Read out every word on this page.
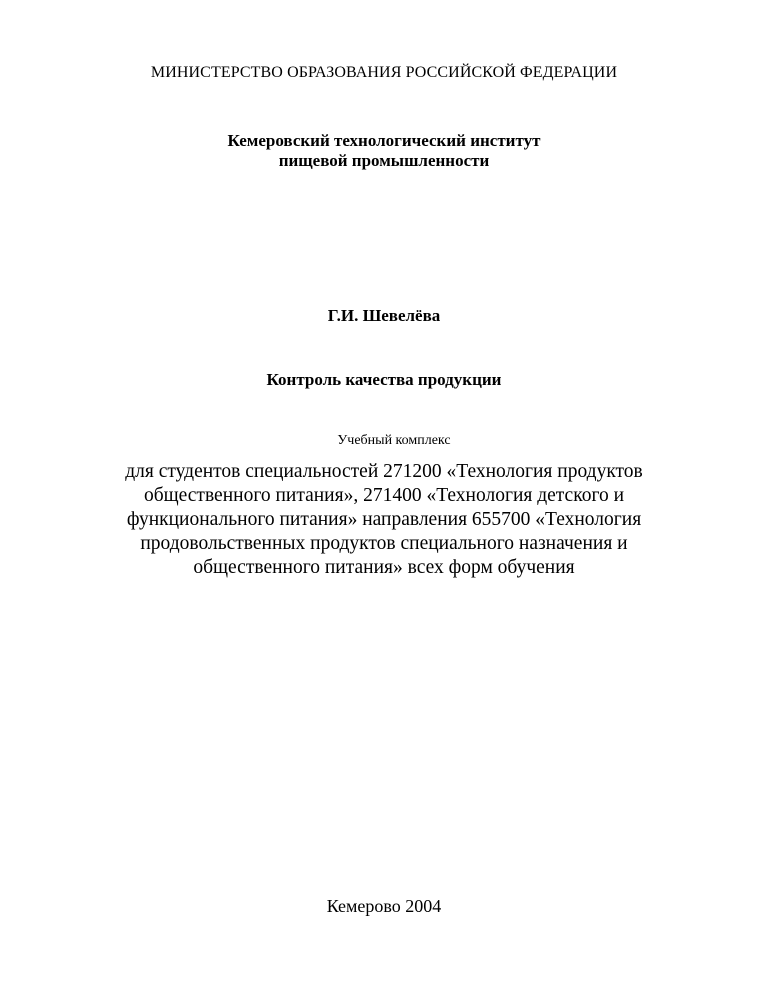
МИНИСТЕРСТВО ОБРАЗОВАНИЯ РОССИЙСКОЙ ФЕДЕРАЦИИ
Кемеровский технологический институт
пищевой промышленности
Г.И. Шевелёва
Контроль качества продукции
Учебный комплекс
для студентов специальностей 271200 «Технология продуктов
общественного питания», 271400 «Технология детского и
функционального питания» направления 655700 «Технология
продовольственных продуктов специального назначения и
общественного питания» всех форм обучения
Кемерово 2004
